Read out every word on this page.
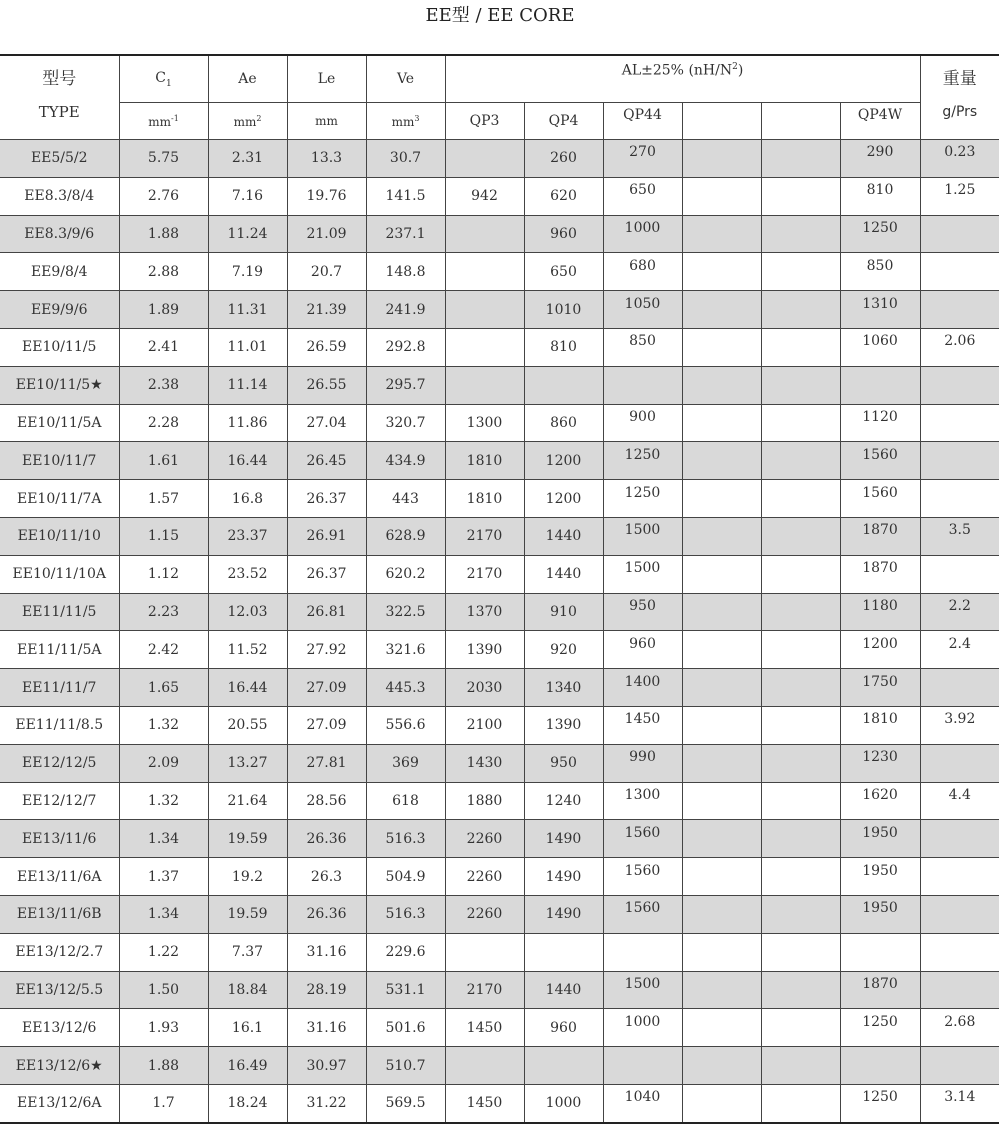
EE型 / EE CORE
型号	$C_1$	Ae	Le	Ve	AL±25% $(nH/N^2)$						重量

TYPE	$mm^{-1}$	$mm^2$	mm	$mm^3$	QP3	QP4	QP44			QP4W	g/Prs

EE5/5/2	5.75	2.31	13.3	30.7		260	270			290	0.23
EE8.3/8/4	2.76	7.16	19.76	141.5	942	620	650			810	1.25
EE8.3/9/6	1.88	11.24	21.09	237.1		960	1000			1250	
EE9/8/4	2.88	7.19	20.7	148.8		650	680			850	
EE9/9/6	1.89	11.31	21.39	241.9		1010	1050			1310	
EE10/11/5	2.41	11.01	26.59	292.8		810	850			1060	2.06
EE10/11/5★	2.38	11.14	26.55	295.7							
EE10/11/5A	2.28	11.86	27.04	320.7	1300	860	900			1120	
EE10/11/7	1.61	16.44	26.45	434.9	1810	1200	1250			1560	
EE10/11/7A	1.57	16.8	26.37	443	1810	1200	1250			1560	
EE10/11/10	1.15	23.37	26.91	628.9	2170	1440	1500			1870	3.5
EE10/11/10A	1.12	23.52	26.37	620.2	2170	1440	1500			1870	
EE11/11/5	2.23	12.03	26.81	322.5	1370	910	950			1180	2.2
EE11/11/5A	2.42	11.52	27.92	321.6	1390	920	960			1200	2.4
EE11/11/7	1.65	16.44	27.09	445.3	2030	1340	1400			1750	
EE11/11/8.5	1.32	20.55	27.09	556.6	2100	1390	1450			1810	3.92
EE12/12/5	2.09	13.27	27.81	369	1430	950	990			1230	
EE12/12/7	1.32	21.64	28.56	618	1880	1240	1300			1620	4.4
EE13/11/6	1.34	19.59	26.36	516.3	2260	1490	1560			1950	
EE13/11/6A	1.37	19.2	26.3	504.9	2260	1490	1560			1950	
EE13/11/6B	1.34	19.59	26.36	516.3	2260	1490	1560			1950	
EE13/12/2.7	1.22	7.37	31.16	229.6							
EE13/12/5.5	1.50	18.84	28.19	531.1	2170	1440	1500			1870	
EE13/12/6	1.93	16.1	31.16	501.6	1450	960	1000			1250	2.68
EE13/12/6★	1.88	16.49	30.97	510.7							
EE13/12/6A	1.7	18.24	31.22	569.5	1450	1000	1040			1250	3.14
